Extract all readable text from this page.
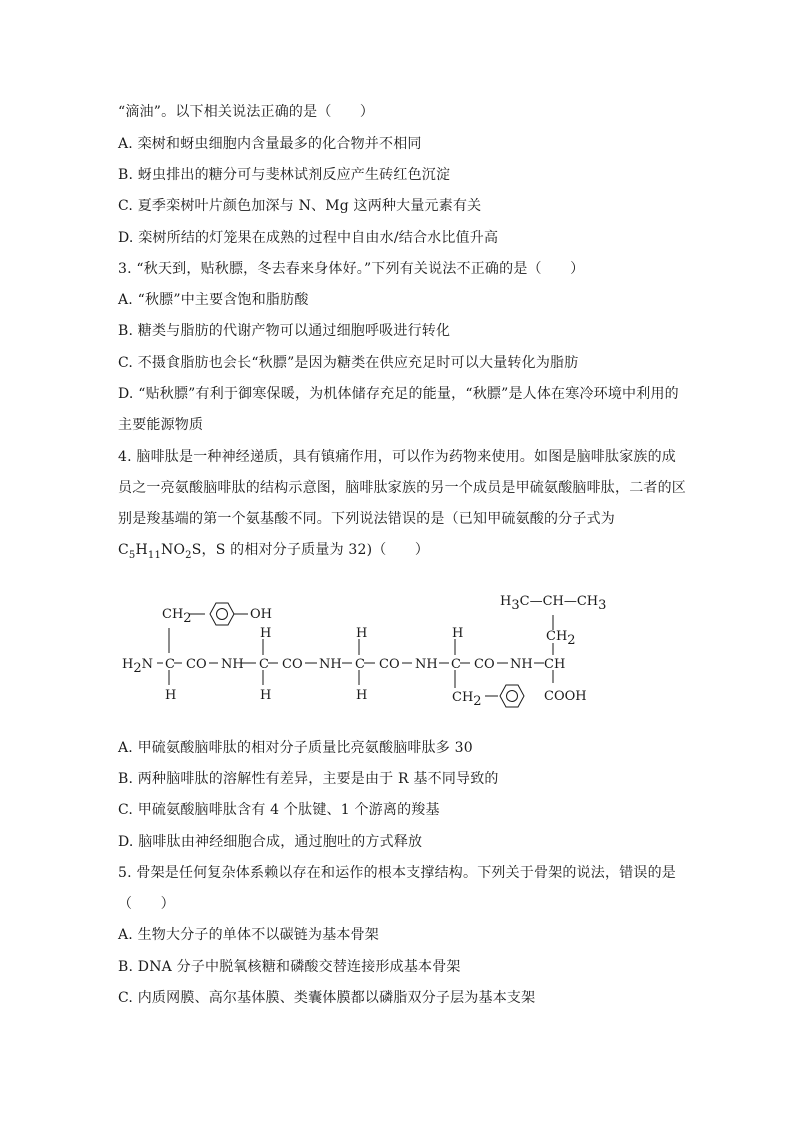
“滴油”。以下相关说法正确的是（　　）
A. 栾树和蚜虫细胞内含量最多的化合物并不相同
B. 蚜虫排出的糖分可与斐林试剂反应产生砖红色沉淀
C. 夏季栾树叶片颜色加深与 N、Mg 这两种大量元素有关
D. 栾树所结的灯笼果在成熟的过程中自由水/结合水比值升高
3. “秋天到，贴秋膘，冬去春来身体好。”下列有关说法不正确的是（　　）
A. “秋膘”中主要含饱和脂肪酸
B. 糖类与脂肪的代谢产物可以通过细胞呼吸进行转化
C. 不摄食脂肪也会长“秋膘”是因为糖类在供应充足时可以大量转化为脂肪
D. “贴秋膘”有利于御寒保暖，为机体储存充足的能量，“秋膘”是人体在寒冷环境中利用的
主要能源物质
4. 脑啡肽是一种神经递质，具有镇痛作用，可以作为药物来使用。如图是脑啡肽家族的成
员之一亮氨酸脑啡肽的结构示意图，脑啡肽家族的另一个成员是甲硫氨酸脑啡肽，二者的区
别是羧基端的第一个氨基酸不同。下列说法错误的是（已知甲硫氨酸的分子式为
$C_5H_{11}NO_2S$，S 的相对分子质量为 32)（　　）
CH2	OH
H	H	H
H3C—CH—CH3
CH2
H2N C CO NH C CO NH C CO NH C CO NH CH
H	H	H	CH2	COOH
A. 甲硫氨酸脑啡肽的相对分子质量比亮氨酸脑啡肽多 30
B. 两种脑啡肽的溶解性有差异，主要是由于 R 基不同导致的
C. 甲硫氨酸脑啡肽含有 4 个肽键、1 个游离的羧基
D. 脑啡肽由神经细胞合成，通过胞吐的方式释放
5. 骨架是任何复杂体系赖以存在和运作的根本支撑结构。下列关于骨架的说法，错误的是
（　　）
A. 生物大分子的单体不以碳链为基本骨架
B. DNA 分子中脱氧核糖和磷酸交替连接形成基本骨架
C. 内质网膜、高尔基体膜、类囊体膜都以磷脂双分子层为基本支架
